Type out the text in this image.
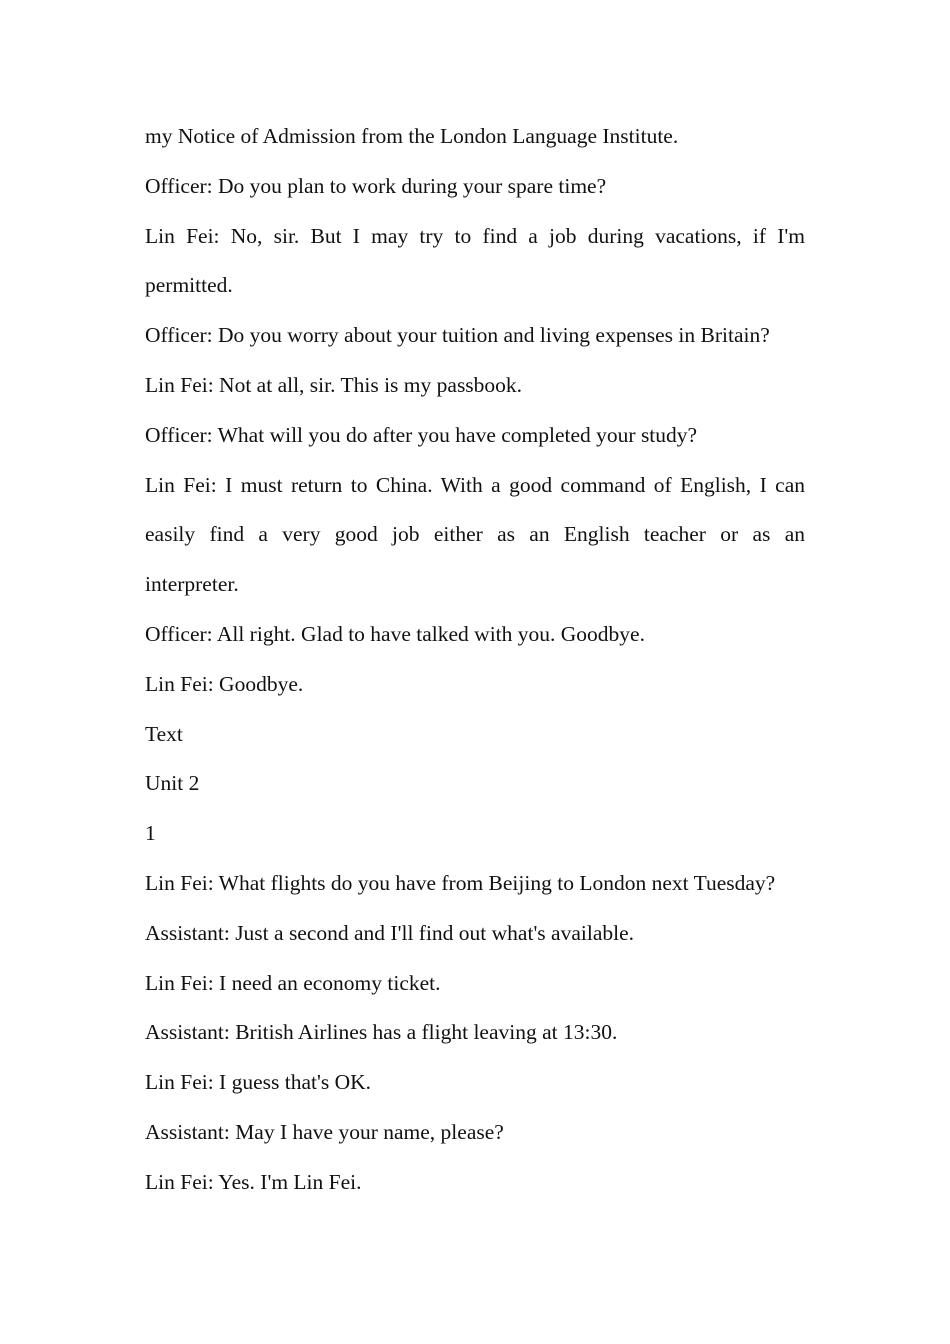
my Notice of Admission from the London Language Institute.
Officer: Do you plan to work during your spare time?
Lin Fei: No, sir. But I may try to find a job during vacations, if I'm
permitted.
Officer: Do you worry about your tuition and living expenses in Britain?
Lin Fei: Not at all, sir. This is my passbook.
Officer: What will you do after you have completed your study?
Lin Fei: I must return to China. With a good command of English, I can
easily find a very good job either as an English teacher or as an
interpreter.
Officer: All right. Glad to have talked with you. Goodbye.
Lin Fei: Goodbye.
Text
Unit 2
1
Lin Fei: What flights do you have from Beijing to London next Tuesday?
Assistant: Just a second and I'll find out what's available.
Lin Fei: I need an economy ticket.
Assistant: British Airlines has a flight leaving at 13:30.
Lin Fei: I guess that's OK.
Assistant: May I have your name, please?
Lin Fei: Yes. I'm Lin Fei.
